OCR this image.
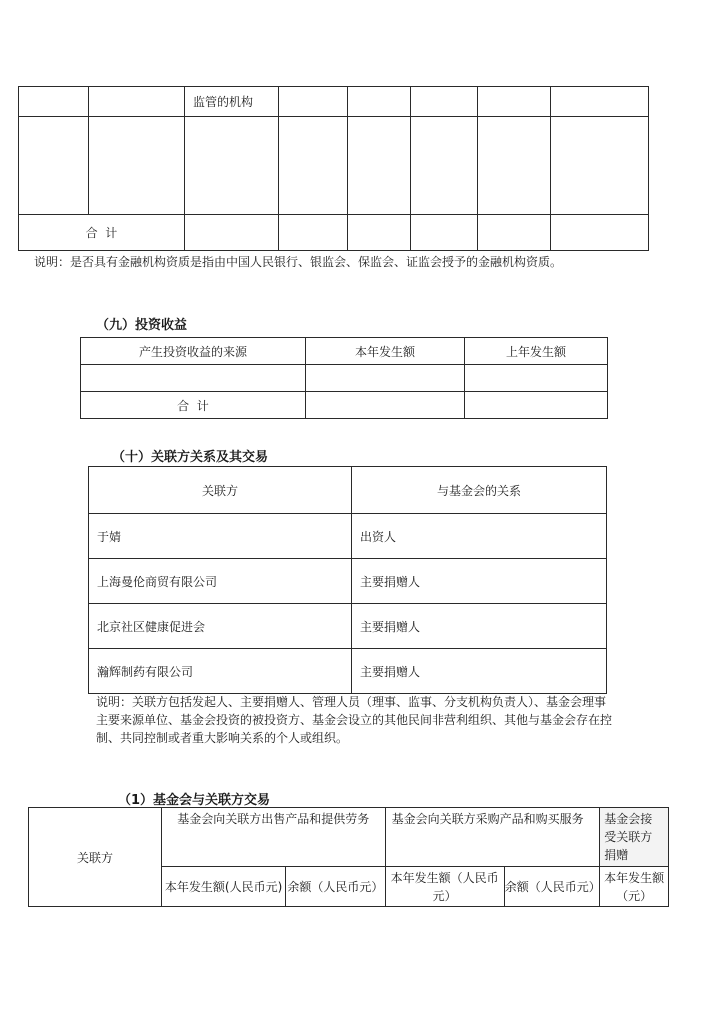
		监管的机构					

合  计							
说明：是否具有金融机构资质是指由中国人民银行、银监会、保监会、证监会授予的金融机构资质。
（九）投资收益
产生投资收益的来源	本年发生额	上年发生额

合  计		
（十）关联方关系及其交易
关联方	与基金会的关系
于婧	出资人
上海曼伦商贸有限公司	主要捐赠人
北京社区健康促进会	主要捐赠人
瀚辉制药有限公司	主要捐赠人
说明：关联方包括发起人、主要捐赠人、管理人员（理事、监事、分支机构负责人）、基金会理事主要来源单位、基金会投资的被投资方、基金会设立的其他民间非营利组织、其他与基金会存在控制、共同控制或者重大影响关系的个人或组织。
（1）基金会与关联方交易
关联方	基金会向关联方出售产品和提供劳务		基金会向关联方采购产品和购买服务		基金会接受关联方捐赠
	本年发生额(人民币元)	余额（人民币元）	本年发生额（人民币元）	余额（人民币元）	本年发生额（元）
